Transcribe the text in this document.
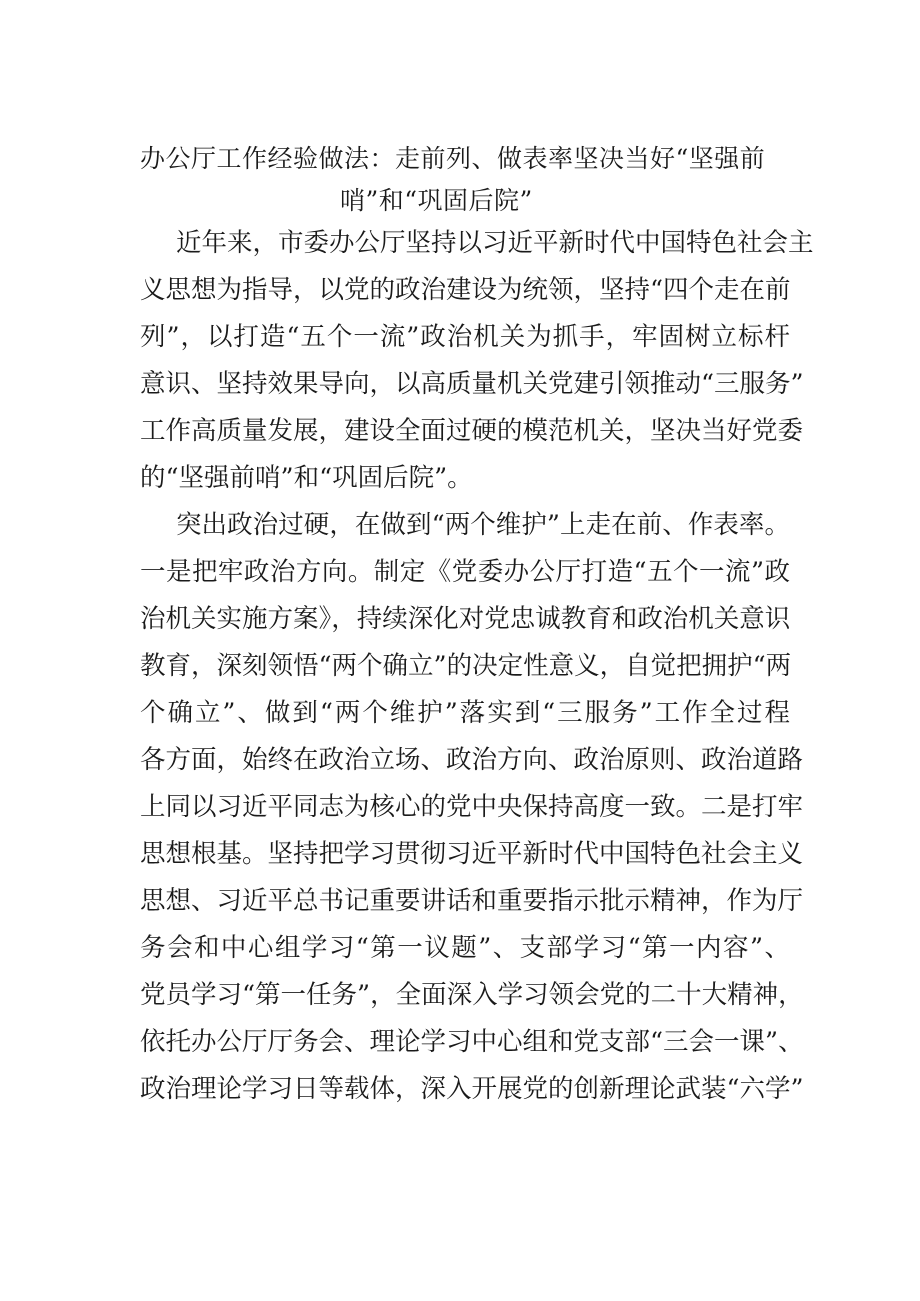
办公厅工作经验做法：走前列、做表率坚决当好“坚强前
哨”和“巩固后院”
近年来，市委办公厅坚持以习近平新时代中国特色社会主
义思想为指导，以党的政治建设为统领，坚持“四个走在前
列”，以打造“五个一流”政治机关为抓手，牢固树立标杆
意识、坚持效果导向，以高质量机关党建引领推动“三服务”
工作高质量发展，建设全面过硬的模范机关，坚决当好党委
的“坚强前哨”和“巩固后院”。
突出政治过硬，在做到“两个维护”上走在前、作表率。
一是把牢政治方向。制定《党委办公厅打造“五个一流”政
治机关实施方案》，持续深化对党忠诚教育和政治机关意识
教育，深刻领悟“两个确立”的决定性意义，自觉把拥护“两
个确立”、做到“两个维护”落实到“三服务”工作全过程
各方面，始终在政治立场、政治方向、政治原则、政治道路
上同以习近平同志为核心的党中央保持高度一致。二是打牢
思想根基。坚持把学习贯彻习近平新时代中国特色社会主义
思想、习近平总书记重要讲话和重要指示批示精神，作为厅
务会和中心组学习“第一议题”、支部学习“第一内容”、
党员学习“第一任务”，全面深入学习领会党的二十大精神，
依托办公厅厅务会、理论学习中心组和党支部“三会一课”、
政治理论学习日等载体，深入开展党的创新理论武装“六学”
